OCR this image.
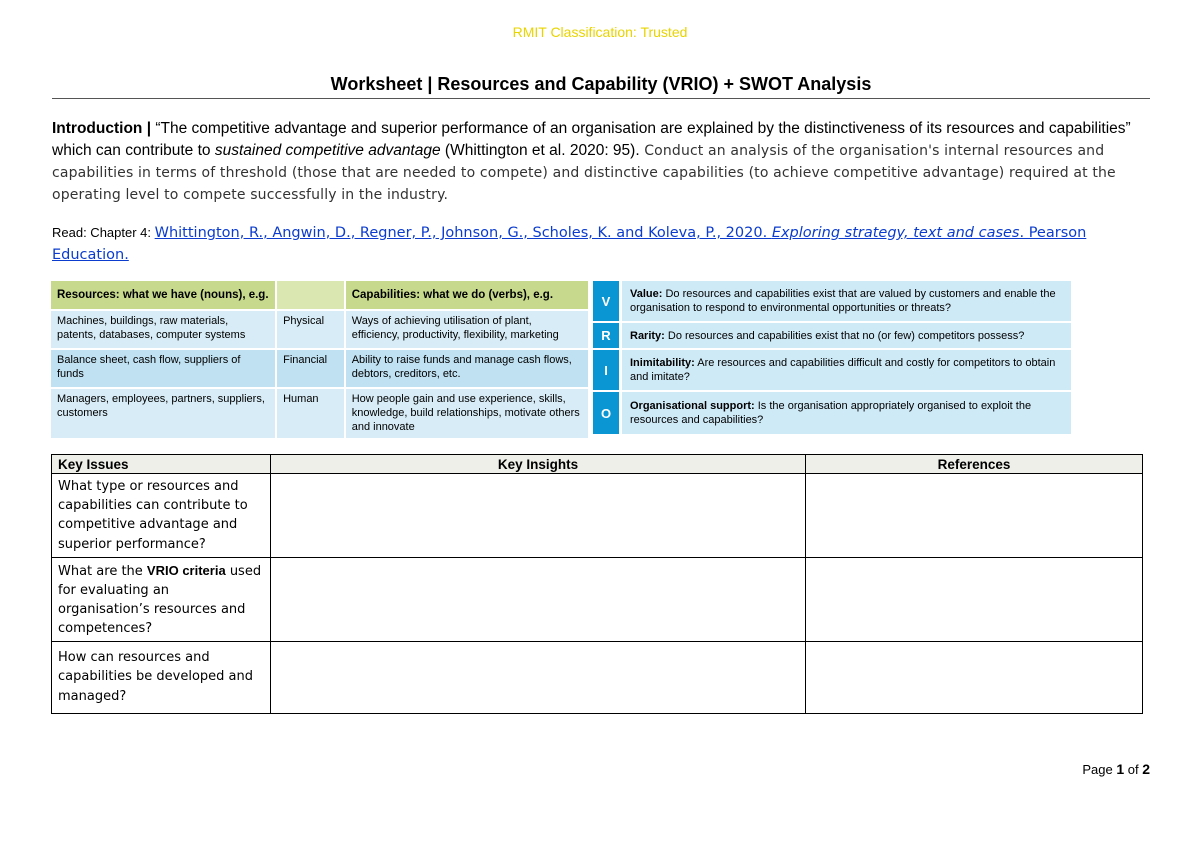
RMIT Classification: Trusted
Worksheet | Resources and Capability (VRIO) + SWOT Analysis
Introduction | “The competitive advantage and superior performance of an organisation are explained by the distinctiveness of its resources and capabilities” which can contribute to sustained competitive advantage (Whittington et al. 2020: 95). Conduct an analysis of the organisation's internal resources and capabilities in terms of threshold (those that are needed to compete) and distinctive capabilities (to achieve competitive advantage) required at the operating level to compete successfully in the industry.
Read: Chapter 4: Whittington, R., Angwin, D., Regner, P., Johnson, G., Scholes, K. and Koleva, P., 2020. Exploring strategy, text and cases. Pearson Education.
Resources: what we have (nouns), e.g.		Capabilities: what we do (verbs), e.g.
Machines, buildings, raw materials, patents, databases, computer systems	Physical	Ways of achieving utilisation of plant, efficiency, productivity, flexibility, marketing
Balance sheet, cash flow, suppliers of funds	Financial	Ability to raise funds and manage cash flows, debtors, creditors, etc.
Managers, employees, partners, suppliers, customers	Human	How people gain and use experience, skills, knowledge, build relationships, motivate others and innovate
V	Value: Do resources and capabilities exist that are valued by customers and enable the organisation to respond to environmental opportunities or threats?
R	Rarity: Do resources and capabilities exist that no (or few) competitors possess?
I	Inimitability: Are resources and capabilities difficult and costly for competitors to obtain and imitate?
O	Organisational support: Is the organisation appropriately organised to exploit the resources and capabilities?
Key Issues	Key Insights	References
What type or resources and capabilities can contribute to competitive advantage and superior performance?		
What are the VRIO criteria used for evaluating an organisation’s resources and competences?		
How can resources and capabilities be developed and managed?		
Page 1 of 2
